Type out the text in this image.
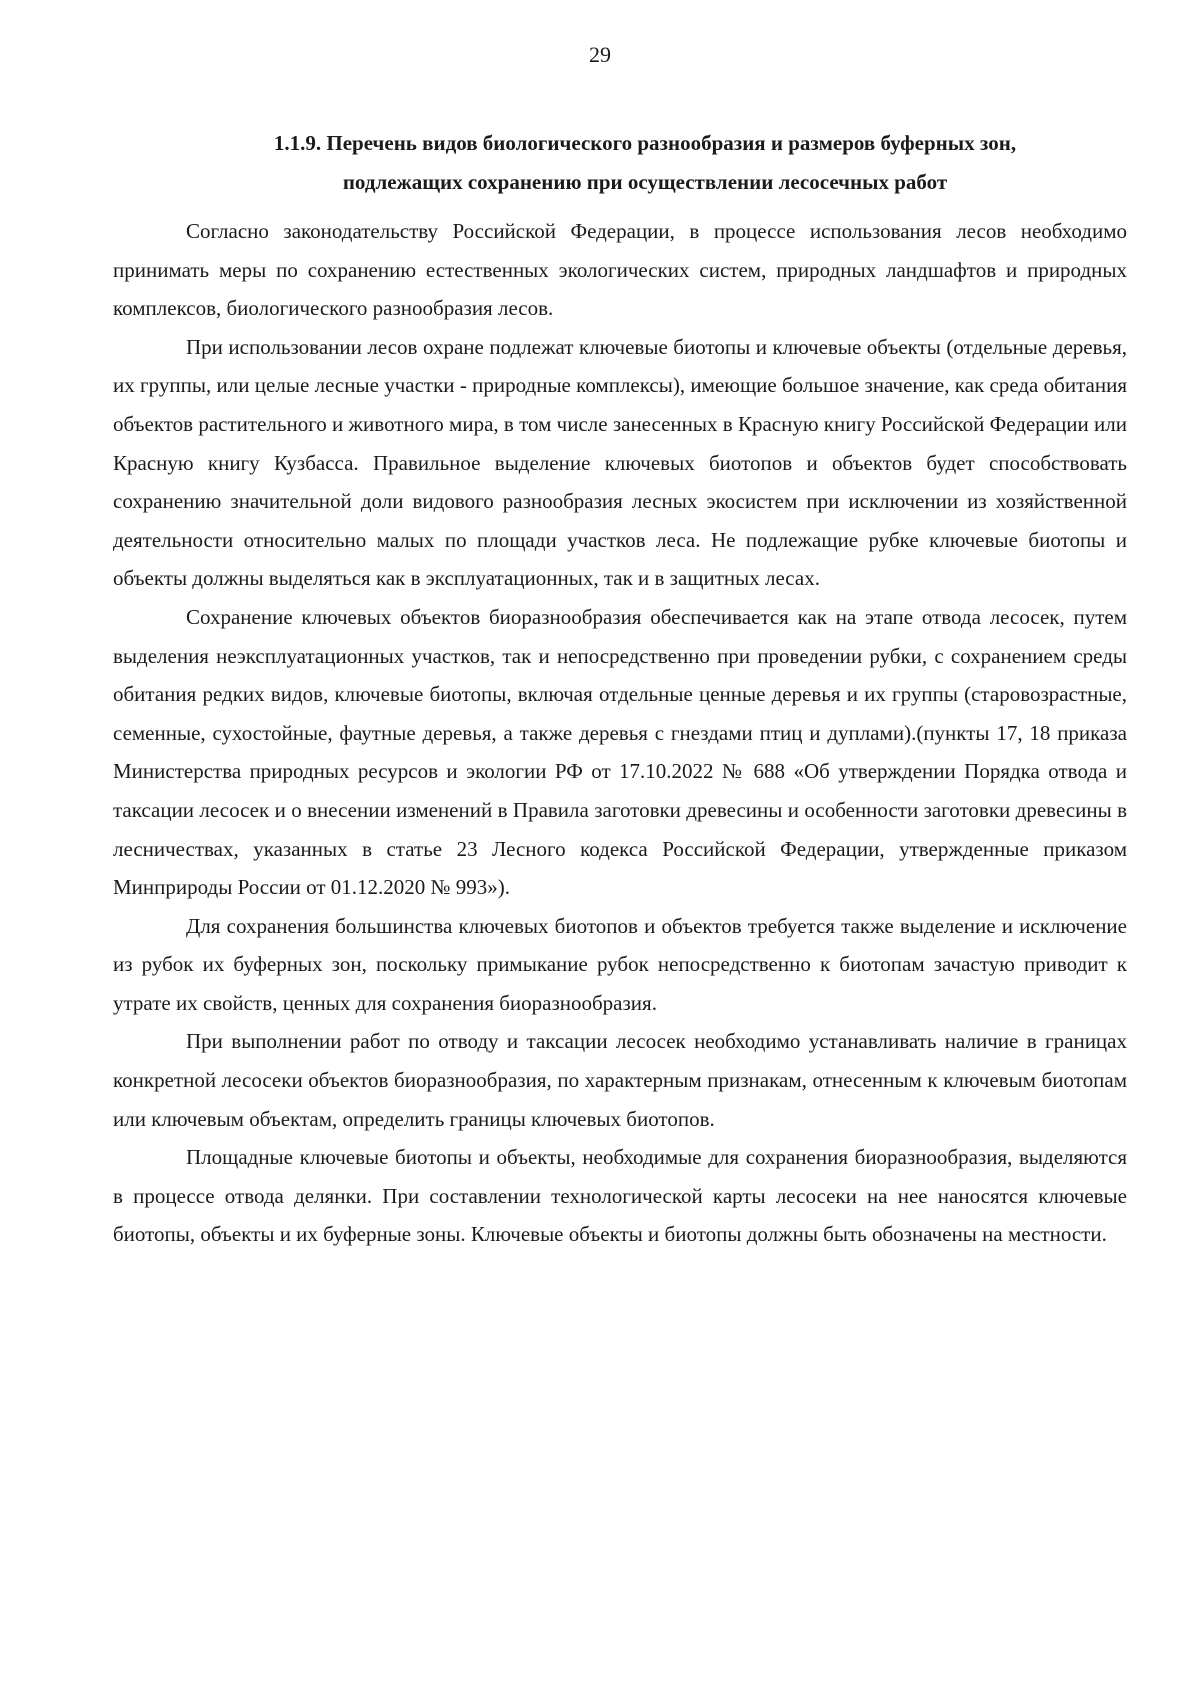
29
1.1.9. Перечень видов биологического разнообразия и размеров буферных зон,
подлежащих сохранению при осуществлении лесосечных работ

Согласно законодательству Российской Федерации, в процессе использования лесов необходимо принимать меры по сохранению естественных экологических систем, природных ландшафтов и природных комплексов, биологического разнообразия лесов.

При использовании лесов охране подлежат ключевые биотопы и ключевые объекты (отдельные деревья, их группы, или целые лесные участки - природные комплексы), имеющие большое значение, как среда обитания объектов растительного и животного мира, в том числе занесенных в Красную книгу Российской Федерации или Красную книгу Кузбасса. Правильное выделение ключевых биотопов и объектов будет способствовать сохранению значительной доли видового разнообразия лесных экосистем при исключении из хозяйственной деятельности относительно малых по площади участков леса. Не подлежащие рубке ключевые биотопы и объекты должны выделяться как в эксплуатационных, так и в защитных лесах.

Сохранение ключевых объектов биоразнообразия обеспечивается как на этапе отвода лесосек, путем выделения неэксплуатационных участков, так и непосредственно при проведении рубки, с сохранением среды обитания редких видов, ключевые биотопы, включая отдельные ценные деревья и их группы (старовозрастные, семенные, сухостойные, фаутные деревья, а также деревья с гнездами птиц и дуплами).(пункты 17, 18 приказа Министерства природных ресурсов и экологии РФ от 17.10.2022 № 688 «Об утверждении Порядка отвода и таксации лесосек и о внесении изменений в Правила заготовки древесины и особенности заготовки древесины в лесничествах, указанных в статье 23 Лесного кодекса Российской Федерации, утвержденные приказом Минприроды России от 01.12.2020 № 993»).

Для сохранения большинства ключевых биотопов и объектов требуется также выделение и исключение из рубок их буферных зон, поскольку примыкание рубок непосредственно к биотопам зачастую приводит к утрате их свойств, ценных для сохранения биоразнообразия.

При выполнении работ по отводу и таксации лесосек необходимо устанавливать наличие в границах конкретной лесосеки объектов биоразнообразия, по характерным признакам, отнесенным к ключевым биотопам или ключевым объектам, определить границы ключевых биотопов.

Площадные ключевые биотопы и объекты, необходимые для сохранения биоразнообразия, выделяются в процессе отвода делянки. При составлении технологической карты лесосеки на нее наносятся ключевые биотопы, объекты и их буферные зоны. Ключевые объекты и биотопы должны быть обозначены на местности.
